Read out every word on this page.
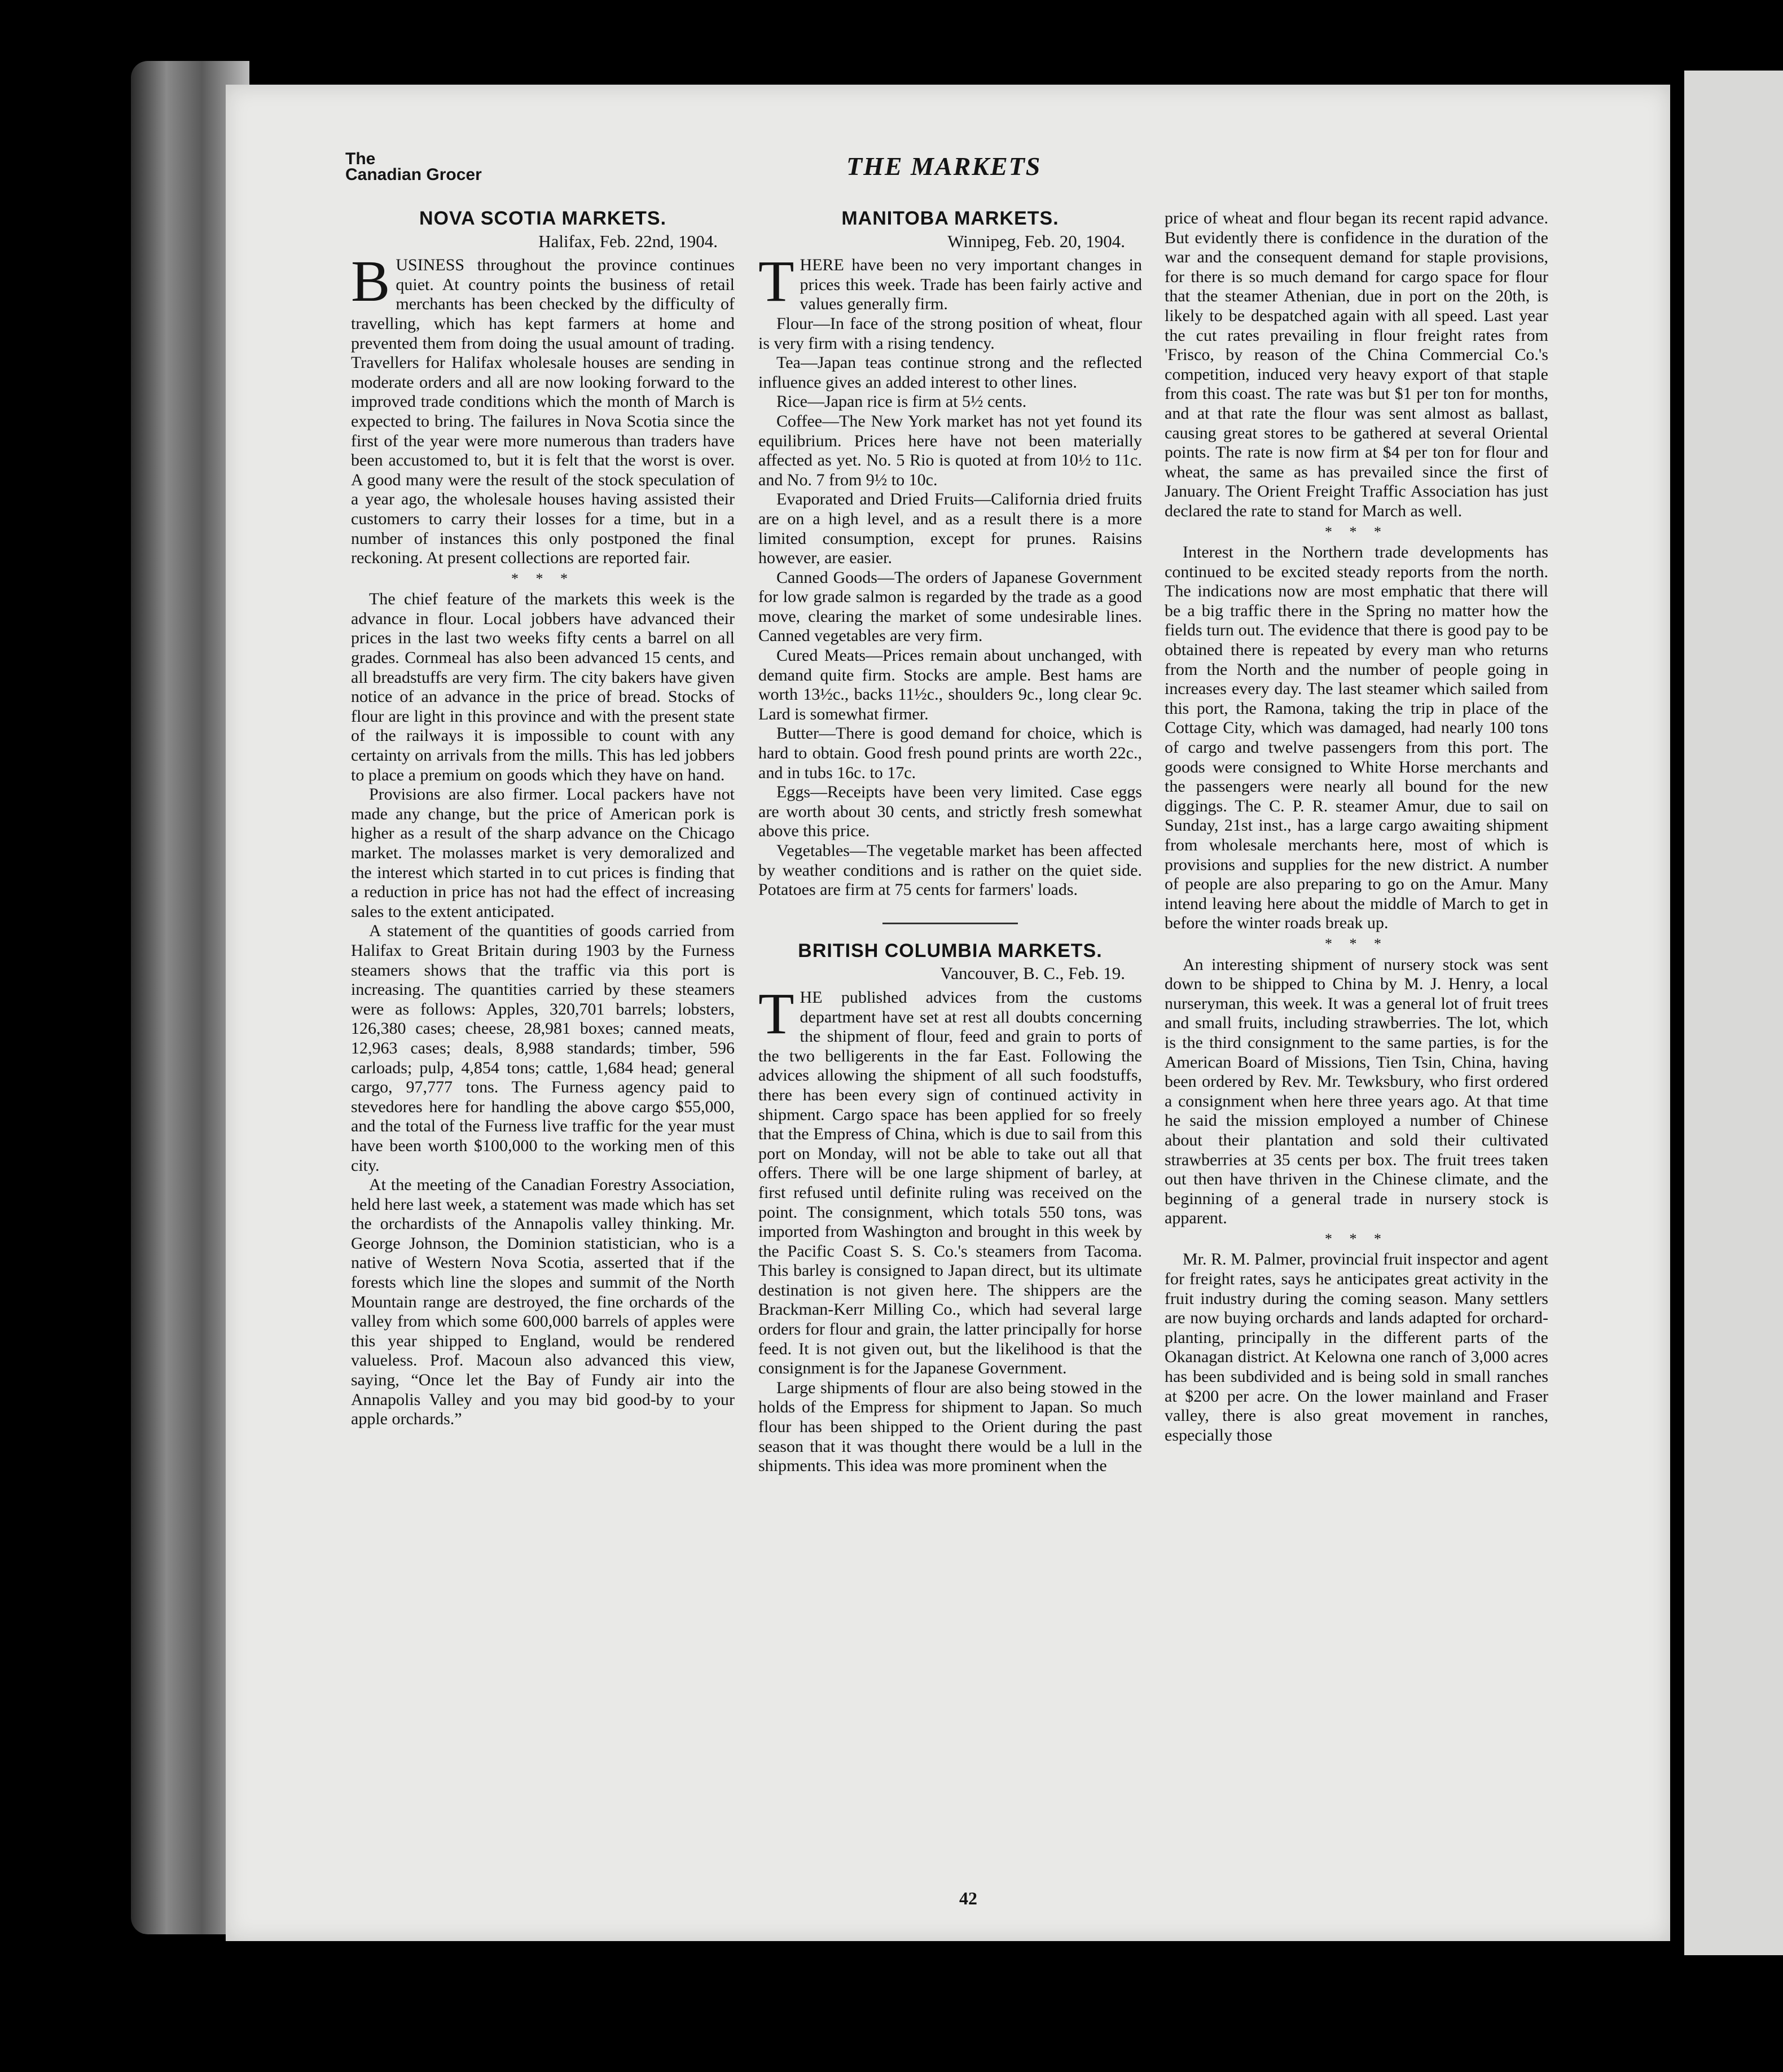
The
Canadian Grocer	THE MARKETS
NOVA SCOTIA MARKETS.
Halifax, Feb. 22nd, 1904.

BUSINESS throughout the province continues quiet. At country points the business of retail merchants has been checked by the difficulty of travelling, which has kept farmers at home and prevented them from doing the usual amount of trading. Travellers for Halifax wholesale houses are sending in moderate orders and all are now looking forward to the improved trade conditions which the month of March is expected to bring. The failures in Nova Scotia since the first of the year were more numerous than traders have been accustomed to, but it is felt that the worst is over. A good many were the result of the stock speculation of a year ago, the wholesale houses having assisted their customers to carry their losses for a time, but in a number of instances this only postponed the final reckoning. At present collections are reported fair.

* * *

The chief feature of the markets this week is the advance in flour. Local jobbers have advanced their prices in the last two weeks fifty cents a barrel on all grades. Cornmeal has also been advanced 15 cents, and all breadstuffs are very firm. The city bakers have given notice of an advance in the price of bread. Stocks of flour are light in this province and with the present state of the railways it is impossible to count with any certainty on arrivals from the mills. This has led jobbers to place a premium on goods which they have on hand.

Provisions are also firmer. Local packers have not made any change, but the price of American pork is higher as a result of the sharp advance on the Chicago market. The molasses market is very demoralized and the interest which started in to cut prices is finding that a reduction in price has not had the effect of increasing sales to the extent anticipated.

A statement of the quantities of goods carried from Halifax to Great Britain during 1903 by the Furness steamers shows that the traffic via this port is increasing. The quantities carried by these steamers were as follows: Apples, 320,701 barrels; lobsters, 126,380 cases; cheese, 28,981 boxes; canned meats, 12,963 cases; deals, 8,988 standards; timber, 596 carloads; pulp, 4,854 tons; cattle, 1,684 head; general cargo, 97,777 tons. The Furness agency paid to stevedores here for handling the above cargo $55,000, and the total of the Furness live traffic for the year must have been worth $100,000 to the working men of this city.

At the meeting of the Canadian Forestry Association, held here last week, a statement was made which has set the orchardists of the Annapolis valley thinking. Mr. George Johnson, the Dominion statistician, who is a native of Western Nova Scotia, asserted that if the forests which line the slopes and summit of the North Mountain range are destroyed, the fine orchards of the valley from which some 600,000 barrels of apples were this year shipped to England, would be rendered valueless. Prof. Macoun also advanced this view, saying, “Once let the Bay of Fundy air into the Annapolis Valley and you may bid good-by to your apple orchards.”

MANITOBA MARKETS.
Winnipeg, Feb. 20, 1904.

THERE have been no very important changes in prices this week. Trade has been fairly active and values generally firm.

Flour—In face of the strong position of wheat, flour is very firm with a rising tendency.

Tea—Japan teas continue strong and the reflected influence gives an added interest to other lines.

Rice—Japan rice is firm at 5½ cents.

Coffee—The New York market has not yet found its equilibrium. Prices here have not been materially affected as yet. No. 5 Rio is quoted at from 10½ to 11c. and No. 7 from 9½ to 10c.

Evaporated and Dried Fruits—California dried fruits are on a high level, and as a result there is a more limited consumption, except for prunes. Raisins however, are easier.

Canned Goods—The orders of Japanese Government for low grade salmon is regarded by the trade as a good move, clearing the market of some undesirable lines. Canned vegetables are very firm.

Cured Meats—Prices remain about unchanged, with demand quite firm. Stocks are ample. Best hams are worth 13½c., backs 11½c., shoulders 9c., long clear 9c. Lard is somewhat firmer.

Butter—There is good demand for choice, which is hard to obtain. Good fresh pound prints are worth 22c., and in tubs 16c. to 17c.

Eggs—Receipts have been very limited. Case eggs are worth about 30 cents, and strictly fresh somewhat above this price.

Vegetables—The vegetable market has been affected by weather conditions and is rather on the quiet side. Potatoes are firm at 75 cents for farmers' loads.

BRITISH COLUMBIA MARKETS.
Vancouver, B. C., Feb. 19.

THE published advices from the customs department have set at rest all doubts concerning the shipment of flour, feed and grain to ports of the two belligerents in the far East. Following the advices allowing the shipment of all such foodstuffs, there has been every sign of continued activity in shipment. Cargo space has been applied for so freely that the Empress of China, which is due to sail from this port on Monday, will not be able to take out all that offers. There will be one large shipment of barley, at first refused until definite ruling was received on the point. The consignment, which totals 550 tons, was imported from Washington and brought in this week by the Pacific Coast S. S. Co.'s steamers from Tacoma. This barley is consigned to Japan direct, but its ultimate destination is not given here. The shippers are the Brackman-Kerr Milling Co., which had several large orders for flour and grain, the latter principally for horse feed. It is not given out, but the likelihood is that the consignment is for the Japanese Government.

Large shipments of flour are also being stowed in the holds of the Empress for shipment to Japan. So much flour has been shipped to the Orient during the past season that it was thought there would be a lull in the shipments. This idea was more prominent when the

price of wheat and flour began its recent rapid advance. But evidently there is confidence in the duration of the war and the consequent demand for staple provisions, for there is so much demand for cargo space for flour that the steamer Athenian, due in port on the 20th, is likely to be despatched again with all speed. Last year the cut rates prevailing in flour freight rates from 'Frisco, by reason of the China Commercial Co.'s competition, induced very heavy export of that staple from this coast. The rate was but $1 per ton for months, and at that rate the flour was sent almost as ballast, causing great stores to be gathered at several Oriental points. The rate is now firm at $4 per ton for flour and wheat, the same as has prevailed since the first of January. The Orient Freight Traffic Association has just declared the rate to stand for March as well.

* * *

Interest in the Northern trade developments has continued to be excited steady reports from the north. The indications now are most emphatic that there will be a big traffic there in the Spring no matter how the fields turn out. The evidence that there is good pay to be obtained there is repeated by every man who returns from the North and the number of people going in increases every day. The last steamer which sailed from this port, the Ramona, taking the trip in place of the Cottage City, which was damaged, had nearly 100 tons of cargo and twelve passengers from this port. The goods were consigned to White Horse merchants and the passengers were nearly all bound for the new diggings. The C. P. R. steamer Amur, due to sail on Sunday, 21st inst., has a large cargo awaiting shipment from wholesale merchants here, most of which is provisions and supplies for the new district. A number of people are also preparing to go on the Amur. Many intend leaving here about the middle of March to get in before the winter roads break up.

* * *

An interesting shipment of nursery stock was sent down to be shipped to China by M. J. Henry, a local nurseryman, this week. It was a general lot of fruit trees and small fruits, including strawberries. The lot, which is the third consignment to the same parties, is for the American Board of Missions, Tien Tsin, China, having been ordered by Rev. Mr. Tewksbury, who first ordered a consignment when here three years ago. At that time he said the mission employed a number of Chinese about their plantation and sold their cultivated strawberries at 35 cents per box. The fruit trees taken out then have thriven in the Chinese climate, and the beginning of a general trade in nursery stock is apparent.

* * *

Mr. R. M. Palmer, provincial fruit inspector and agent for freight rates, says he anticipates great activity in the fruit industry during the coming season. Many settlers are now buying orchards and lands adapted for orchard-planting, principally in the different parts of the Okanagan district. At Kelowna one ranch of 3,000 acres has been subdivided and is being sold in small ranches at $200 per acre. On the lower mainland and Fraser valley, there is also great movement in ranches, especially those

42
